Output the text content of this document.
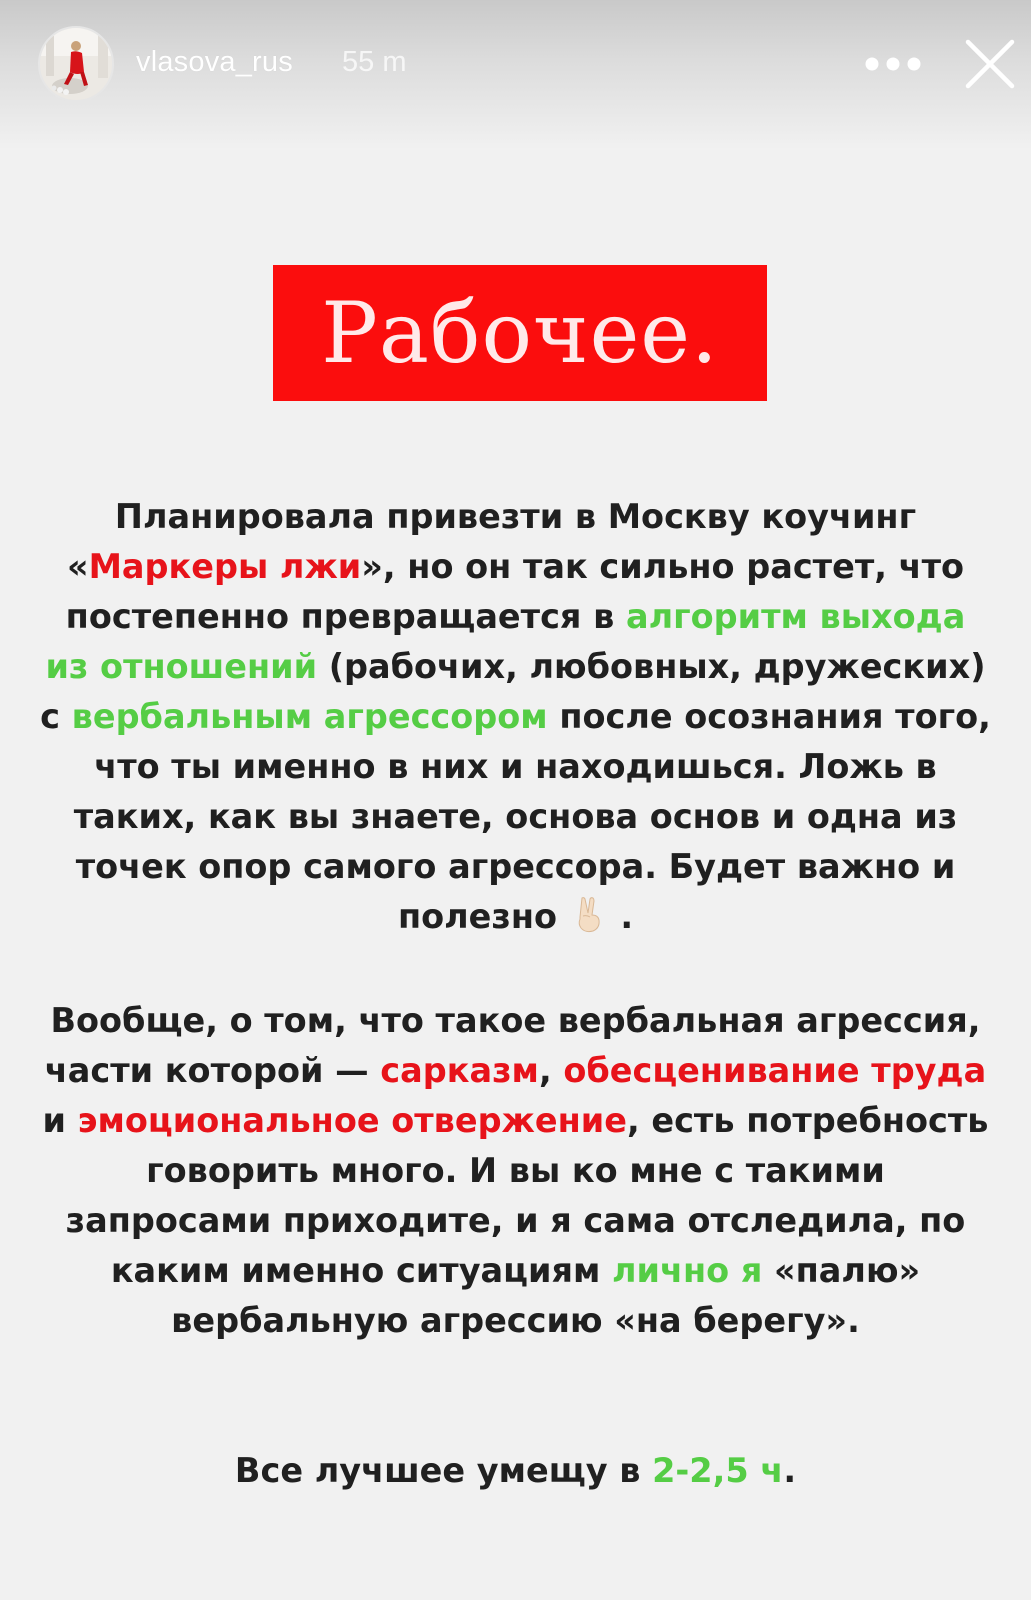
vlasova_rus 55 m
Рабочее.

Планировала привезти в Москву коучинг «Маркеры лжи», но он так сильно растет, что постепенно превращается в алгоритм выхода из отношений (рабочих, любовных, дружеских) с вербальным агрессором после осознания того, что ты именно в них и находишься. Ложь в таких, как вы знаете, основа основ и одна из точек опор самого агрессора. Будет важно и полезно  .

Вообще, о том, что такое вербальная агрессия, части которой — сарказм, обесценивание труда и эмоциональное отвержение, есть потребность говорить много. И вы ко мне с такими запросами приходите, и я сама отследила, по каким именно ситуациям лично я «палю» вербальную агрессию «на берегу».

Все лучшее умещу в 2-2,5 ч.
